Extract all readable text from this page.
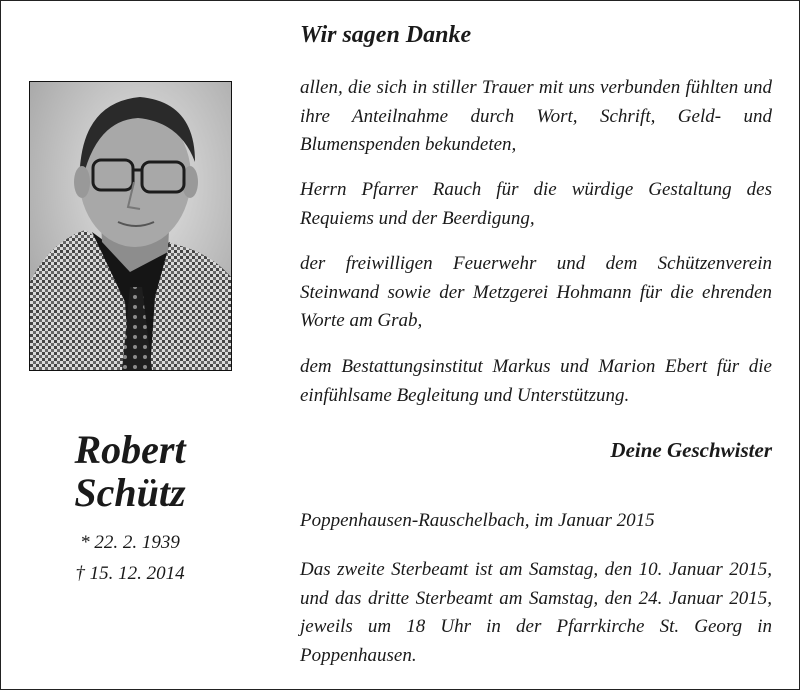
Robert
Schütz
* 22. 2. 1939
† 15. 12. 2014
Wir sagen Danke
allen, die sich in stiller Trauer mit uns verbunden fühlten und ihre Anteilnahme durch Wort, Schrift, Geld- und Blumenspenden bekundeten,
Herrn Pfarrer Rauch für die würdige Gestaltung des Requiems und der Beerdigung,
der freiwilligen Feuerwehr und dem Schützenverein Steinwand sowie der Metzgerei Hohmann für die ehrenden Worte am Grab,
dem Bestattungsinstitut Markus und Marion Ebert für die einfühlsame Begleitung und Unterstützung.
Deine Geschwister
Poppenhausen-Rauschelbach, im Januar 2015
Das zweite Sterbeamt ist am Samstag, den 10. Januar 2015, und das dritte Sterbeamt am Samstag, den 24. Januar 2015, jeweils um 18 Uhr in der Pfarrkirche St. Georg in Poppenhausen.
